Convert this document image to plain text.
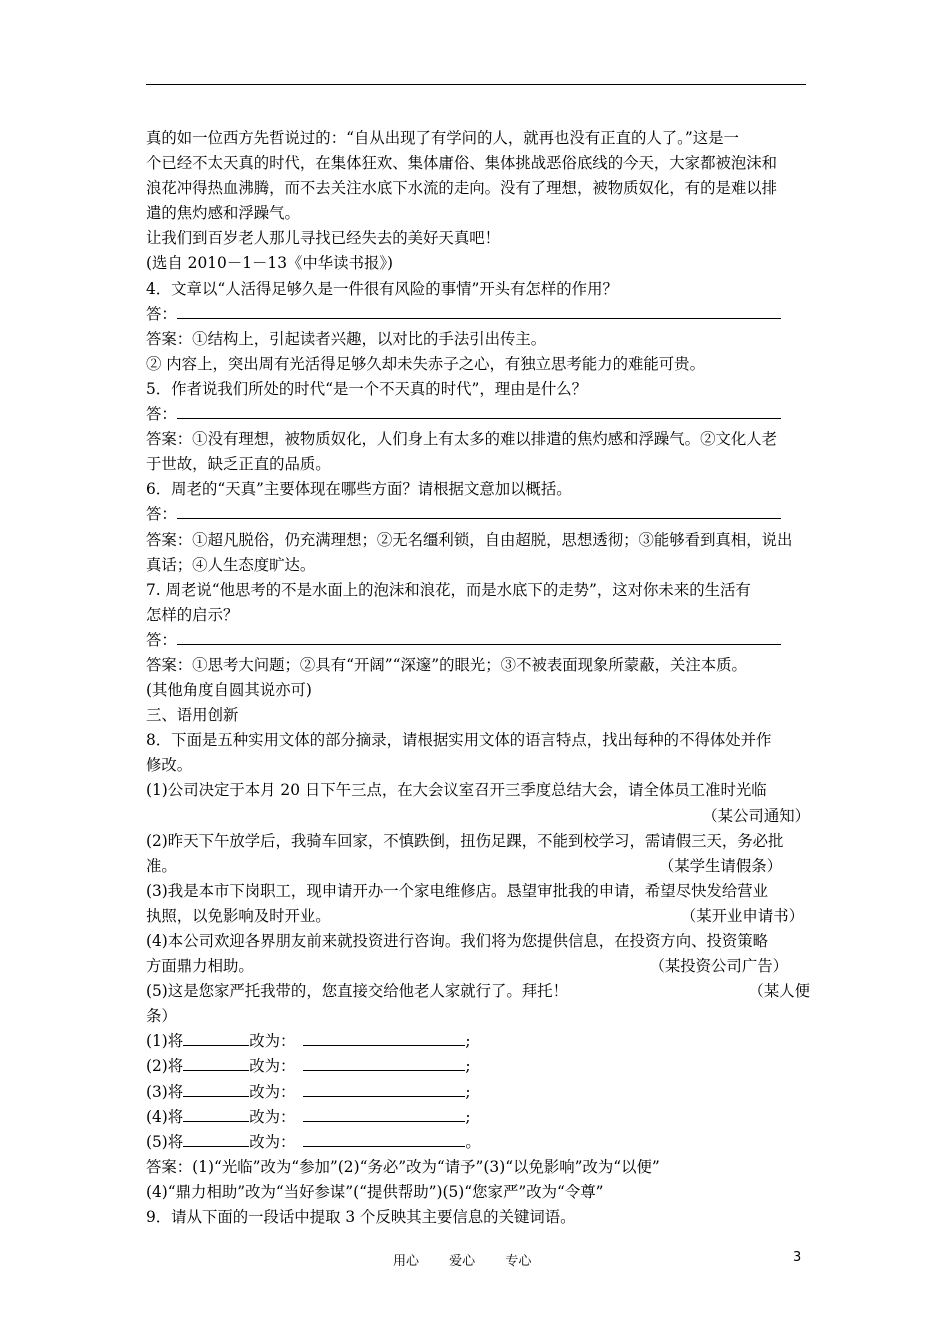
真的如一位西方先哲说过的：“自从出现了有学问的人，就再也没有正直的人了。”这是一
个已经不太天真的时代，在集体狂欢、集体庸俗、集体挑战恶俗底线的今天，大家都被泡沫和
浪花冲得热血沸腾，而不去关注水底下水流的走向。没有了理想，被物质奴化，有的是难以排
遣的焦灼感和浮躁气。
让我们到百岁老人那儿寻找已经失去的美好天真吧！
(选自 2010－1－13《中华读书报》)
4．文章以“人活得足够久是一件很有风险的事情”开头有怎样的作用？
答：
答案：①结构上，引起读者兴趣，以对比的手法引出传主。
② 内容上，突出周有光活得足够久却未失赤子之心，有独立思考能力的难能可贵。
5．作者说我们所处的时代“是一个不天真的时代”，理由是什么？
答：
答案：①没有理想，被物质奴化，人们身上有太多的难以排遣的焦灼感和浮躁气。②文化人老
于世故，缺乏正直的品质。
6．周老的“天真”主要体现在哪些方面？请根据文意加以概括。
答：
答案：①超凡脱俗，仍充满理想；②无名缰利锁，自由超脱，思想透彻；③能够看到真相，说出
真话；④人生态度旷达。
7. 周老说“他思考的不是水面上的泡沫和浪花，而是水底下的走势”，这对你未来的生活有
怎样的启示？
答：
答案：①思考大问题；②具有“开阔”“深邃”的眼光；③不被表面现象所蒙蔽，关注本质。
(其他角度自圆其说亦可)
三、语用创新
8．下面是五种实用文体的部分摘录，请根据实用文体的语言特点，找出每种的不得体处并作
修改。
(1)公司决定于本月 20 日下午三点，在大会议室召开三季度总结大会，请全体员工准时光临
（某公司通知）
(2)昨天下午放学后，我骑车回家，不慎跌倒，扭伤足踝，不能到校学习，需请假三天，务必批
准。	（某学生请假条）
(3)我是本市下岗职工，现申请开办一个家电维修店。恳望审批我的申请，希望尽快发给营业
执照，以免影响及时开业。	（某开业申请书）
(4)本公司欢迎各界朋友前来就投资进行咨询。我们将为您提供信息，在投资方向、投资策略
方面鼎力相助。	（某投资公司广告）
(5)这是您家严托我带的，您直接交给他老人家就行了。拜托！	（某人便
条）
(1)将	改为：	;
(2)将	改为：	;
(3)将	改为：	;
(4)将	改为：	;
(5)将	改为：	。
答案：(1)“光临”改为“参加”(2)“务必”改为“请予”(3)“以免影响”改为“以便”
(4)“鼎力相助”改为“当好参谋”(“提供帮助”)(5)“您家严”改为“令尊”
9．请从下面的一段话中提取 3 个反映其主要信息的关键词语。
用心 爱心 专心	3
